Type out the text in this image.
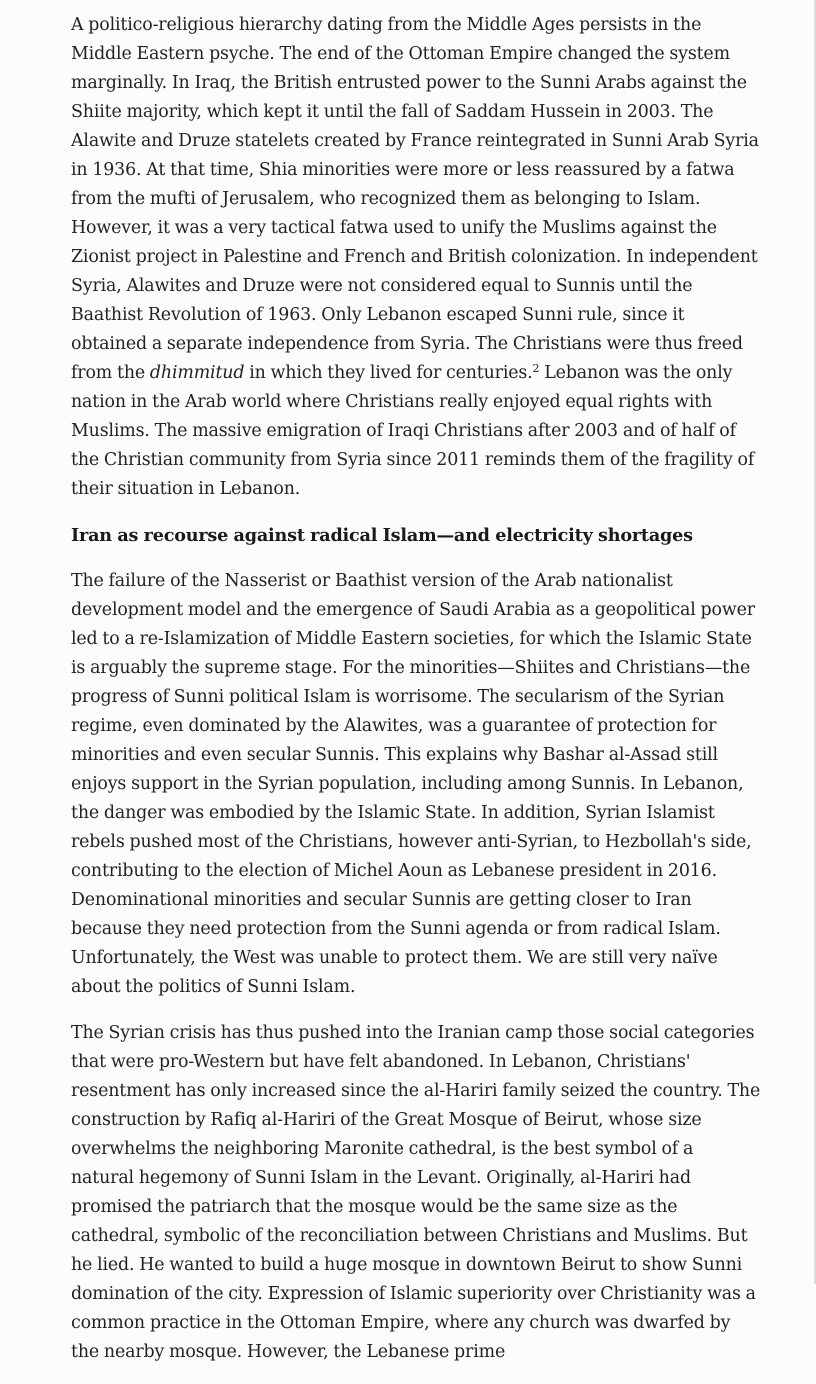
A politico-religious hierarchy dating from the Middle Ages persists in the Middle Eastern psyche. The end of the Ottoman Empire changed the system marginally. In Iraq, the British entrusted power to the Sunni Arabs against the Shiite majority, which kept it until the fall of Saddam Hussein in 2003. The Alawite and Druze statelets created by France reintegrated in Sunni Arab Syria in 1936. At that time, Shia minorities were more or less reassured by a fatwa from the mufti of Jerusalem, who recognized them as belonging to Islam. However, it was a very tactical fatwa used to unify the Muslims against the Zionist project in Palestine and French and British colonization. In independent Syria, Alawites and Druze were not considered equal to Sunnis until the Baathist Revolution of 1963. Only Lebanon escaped Sunni rule, since it obtained a separate independence from Syria. The Christians were thus freed from the dhimmitud in which they lived for centuries.$^2$ Lebanon was the only nation in the Arab world where Christians really enjoyed equal rights with Muslims. The massive emigration of Iraqi Christians after 2003 and of half of the Christian community from Syria since 2011 reminds them of the fragility of their situation in Lebanon.

Iran as recourse against radical Islam—and electricity shortages

The failure of the Nasserist or Baathist version of the Arab nationalist development model and the emergence of Saudi Arabia as a geopolitical power led to a re-Islamization of Middle Eastern societies, for which the Islamic State is arguably the supreme stage. For the minorities—Shiites and Christians—the progress of Sunni political Islam is worrisome. The secularism of the Syrian regime, even dominated by the Alawites, was a guarantee of protection for minorities and even secular Sunnis. This explains why Bashar al-Assad still enjoys support in the Syrian population, including among Sunnis. In Lebanon, the danger was embodied by the Islamic State. In addition, Syrian Islamist rebels pushed most of the Christians, however anti-Syrian, to Hezbollah's side, contributing to the election of Michel Aoun as Lebanese president in 2016. Denominational minorities and secular Sunnis are getting closer to Iran because they need protection from the Sunni agenda or from radical Islam. Unfortunately, the West was unable to protect them. We are still very naïve about the politics of Sunni Islam.

The Syrian crisis has thus pushed into the Iranian camp those social categories that were pro-Western but have felt abandoned. In Lebanon, Christians' resentment has only increased since the al-Hariri family seized the country. The construction by Rafiq al-Hariri of the Great Mosque of Beirut, whose size overwhelms the neighboring Maronite cathedral, is the best symbol of a natural hegemony of Sunni Islam in the Levant. Originally, al-Hariri had promised the patriarch that the mosque would be the same size as the cathedral, symbolic of the reconciliation between Christians and Muslims. But he lied. He wanted to build a huge mosque in downtown Beirut to show Sunni domination of the city. Expression of Islamic superiority over Christianity was a common practice in the Ottoman Empire, where any church was dwarfed by the nearby mosque. However, the Lebanese prime
